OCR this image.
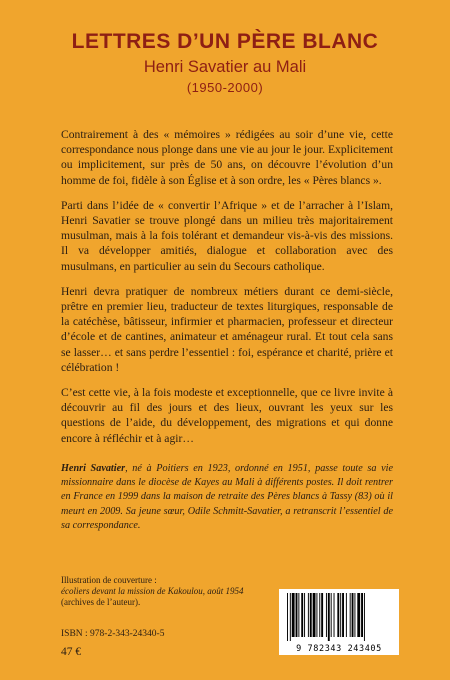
LETTRES D’UN PÈRE BLANC
Henri Savatier au Mali
(1950-2000)

Contrairement à des « mémoires » rédigées au soir d’une vie, cette correspondance nous plonge dans une vie au jour le jour. Explicitement ou implicitement, sur près de 50 ans, on découvre l’évolution d’un homme de foi, fidèle à son Église et à son ordre, les « Pères blancs ».

Parti dans l’idée de « convertir l’Afrique » et de l’arracher à l’Islam, Henri Savatier se trouve plongé dans un milieu très majoritairement musulman, mais à la fois tolérant et demandeur vis-à-vis des missions. Il va développer amitiés, dialogue et collaboration avec des musulmans, en particulier au sein du Secours catholique.

Henri devra pratiquer de nombreux métiers durant ce demi-siècle, prêtre en premier lieu, traducteur de textes liturgiques, responsable de la catéchèse, bâtisseur, infirmier et pharmacien, professeur et directeur d’école et de cantines, animateur et aménageur rural. Et tout cela sans se lasser… et sans perdre l’essentiel : foi, espérance et charité, prière et célébration !

C’est cette vie, à la fois modeste et exceptionnelle, que ce livre invite à découvrir au fil des jours et des lieux, ouvrant les yeux sur les questions de l’aide, du développement, des migrations et qui donne encore à réfléchir et à agir…

Henri Savatier, né à Poitiers en 1923, ordonné en 1951, passe toute sa vie missionnaire dans le diocèse de Kayes au Mali à différents postes. Il doit rentrer en France en 1999 dans la maison de retraite des Pères blancs à Tassy (83) où il meurt en 2009. Sa jeune sœur, Odile Schmitt-Savatier, a retranscrit l’essentiel de sa correspondance.
Illustration de couverture :
écoliers devant la mission de Kakoulou, août 1954
(archives de l’auteur).
ISBN : 978-2-343-24340-5
47 €	9 782343 243405
